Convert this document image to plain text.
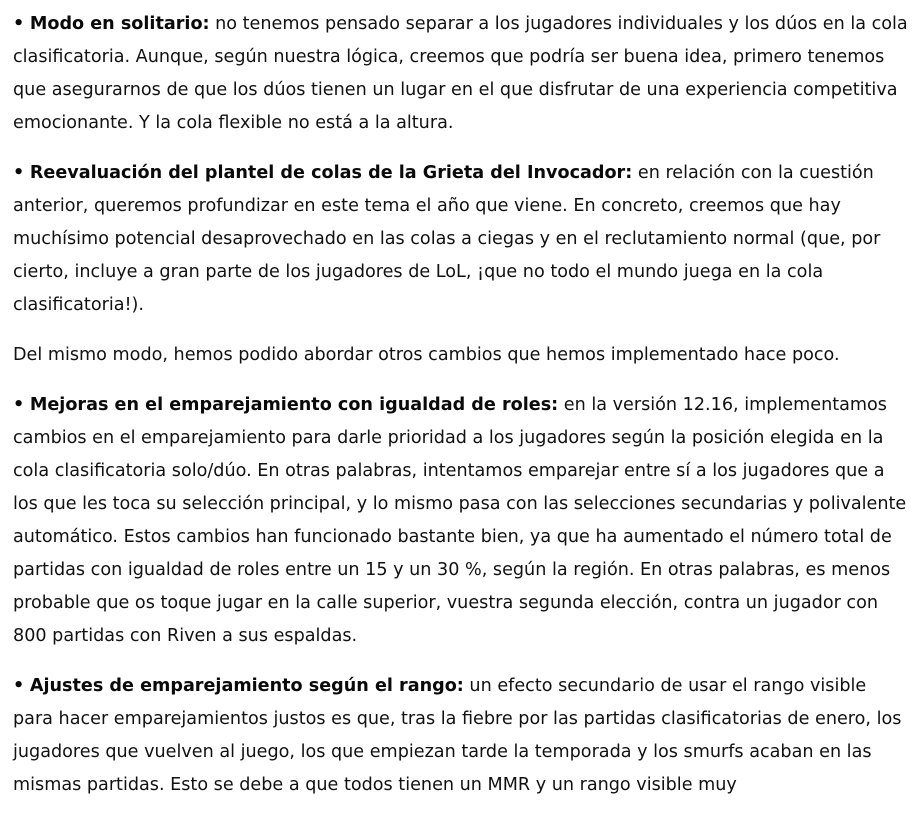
• Modo en solitario: no tenemos pensado separar a los jugadores individuales y los dúos en la cola clasificatoria. Aunque, según nuestra lógica, creemos que podría ser buena idea, primero tenemos que asegurarnos de que los dúos tienen un lugar en el que disfrutar de una experiencia competitiva emocionante. Y la cola flexible no está a la altura.

• Reevaluación del plantel de colas de la Grieta del Invocador: en relación con la cuestión anterior, queremos profundizar en este tema el año que viene. En concreto, creemos que hay muchísimo potencial desaprovechado en las colas a ciegas y en el reclutamiento normal (que, por cierto, incluye a gran parte de los jugadores de LoL, ¡que no todo el mundo juega en la cola clasificatoria!).

Del mismo modo, hemos podido abordar otros cambios que hemos implementado hace poco.

• Mejoras en el emparejamiento con igualdad de roles: en la versión 12.16, implementamos cambios en el emparejamiento para darle prioridad a los jugadores según la posición elegida en la cola clasificatoria solo/dúo. En otras palabras, intentamos emparejar entre sí a los jugadores que a los que les toca su selección principal, y lo mismo pasa con las selecciones secundarias y polivalente automático. Estos cambios han funcionado bastante bien, ya que ha aumentado el número total de partidas con igualdad de roles entre un 15 y un 30 %, según la región. En otras palabras, es menos probable que os toque jugar en la calle superior, vuestra segunda elección, contra un jugador con 800 partidas con Riven a sus espaldas.

• Ajustes de emparejamiento según el rango: un efecto secundario de usar el rango visible para hacer emparejamientos justos es que, tras la fiebre por las partidas clasificatorias de enero, los jugadores que vuelven al juego, los que empiezan tarde la temporada y los smurfs acaban en las mismas partidas. Esto se debe a que todos tienen un MMR y un rango visible muy
